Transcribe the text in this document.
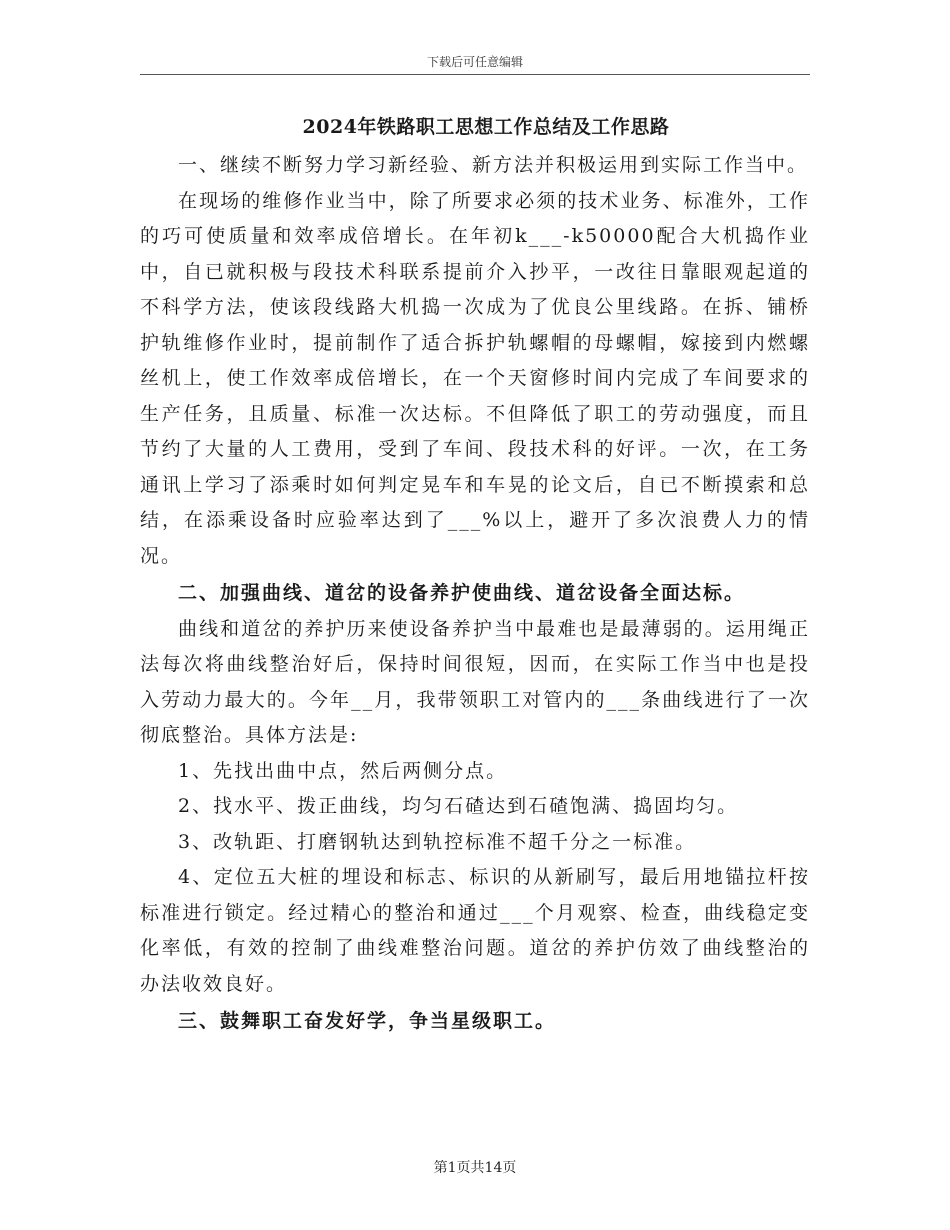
下载后可任意编辑
2024年铁路职工思想工作总结及工作思路

一、继续不断努力学习新经验、新方法并积极运用到实际工作当中。

在现场的维修作业当中，除了所要求必须的技术业务、标准外，工作的巧可使质量和效率成倍增长。在年初k___-k50000配合大机捣作业中，自已就积极与段技术科联系提前介入抄平，一改往日靠眼观起道的不科学方法，使该段线路大机捣一次成为了优良公里线路。在拆、铺桥护轨维修作业时，提前制作了适合拆护轨螺帽的母螺帽，嫁接到内燃螺丝机上，使工作效率成倍增长，在一个天窗修时间内完成了车间要求的生产任务，且质量、标准一次达标。不但降低了职工的劳动强度，而且节约了大量的人工费用，受到了车间、段技术科的好评。一次，在工务通讯上学习了添乘时如何判定晃车和车晃的论文后，自已不断摸索和总结，在添乘设备时应验率达到了___%以上，避开了多次浪费人力的情况。

二、加强曲线、道岔的设备养护使曲线、道岔设备全面达标。

曲线和道岔的养护历来使设备养护当中最难也是最薄弱的。运用绳正法每次将曲线整治好后，保持时间很短，因而，在实际工作当中也是投入劳动力最大的。今年__月，我带领职工对管内的___条曲线进行了一次彻底整治。具体方法是:

1、先找出曲中点，然后两侧分点。

2、找水平、拨正曲线，均匀石碴达到石碴饱满、捣固均匀。

3、改轨距、打磨钢轨达到轨控标准不超千分之一标准。

4、定位五大桩的埋设和标志、标识的从新刷写，最后用地锚拉杆按标准进行锁定。经过精心的整治和通过___个月观察、检查，曲线稳定变化率低，有效的控制了曲线难整治问题。道岔的养护仿效了曲线整治的办法收效良好。

三、鼓舞职工奋发好学，争当星级职工。

第1页共14页
